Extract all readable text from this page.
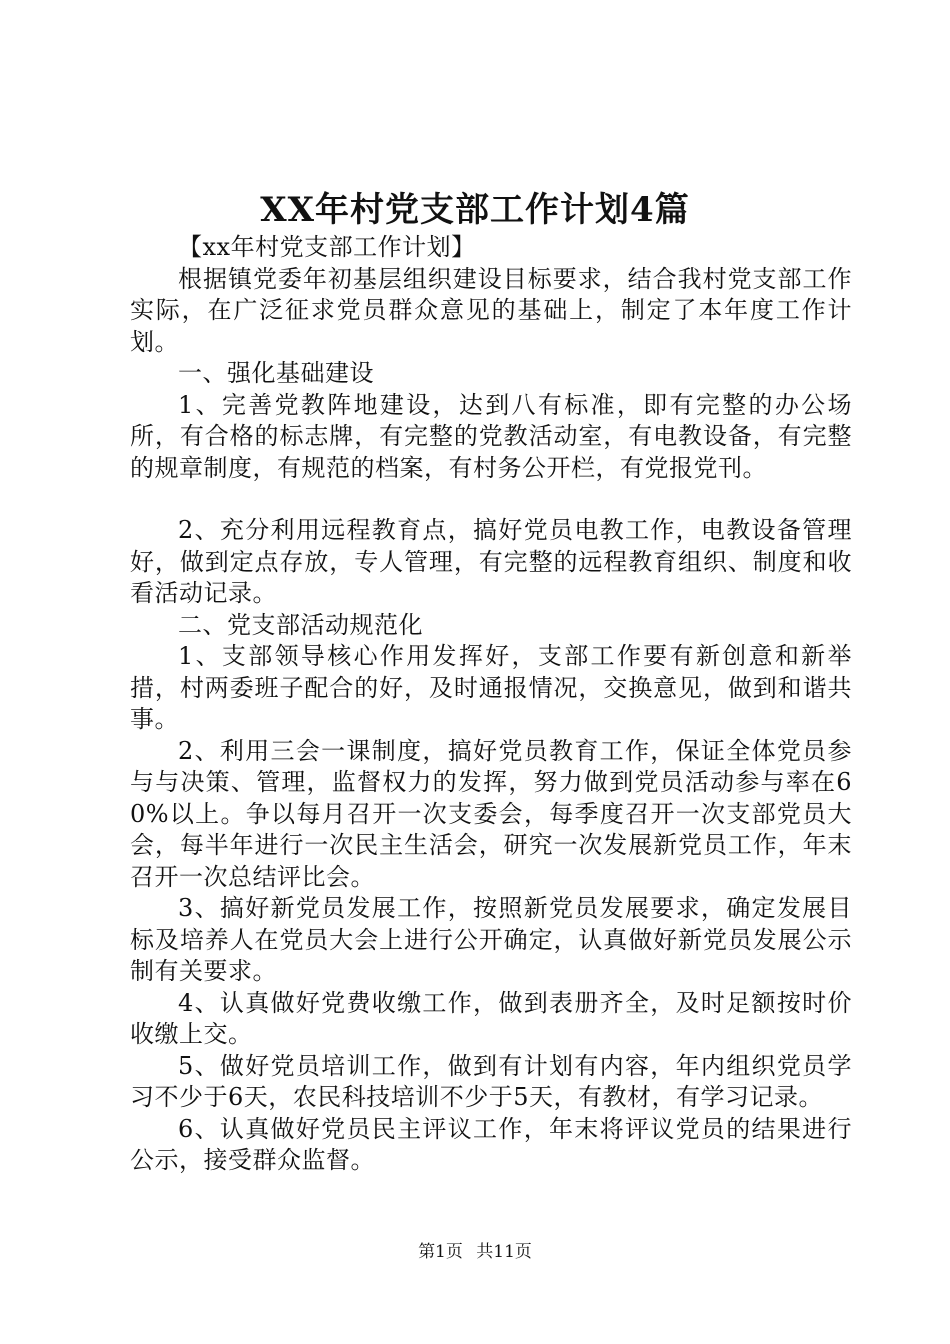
XX年村党支部工作计划4篇

【xx年村党支部工作计划】

根据镇党委年初基层组织建设目标要求，结合我村党支部工作实际，在广泛征求党员群众意见的基础上，制定了本年度工作计划。

一、强化基础建设

1、完善党教阵地建设，达到八有标准，即有完整的办公场所，有合格的标志牌，有完整的党教活动室，有电教设备，有完整的规章制度，有规范的档案，有村务公开栏，有党报党刊。

2、充分利用远程教育点，搞好党员电教工作，电教设备管理好，做到定点存放，专人管理，有完整的远程教育组织、制度和收看活动记录。

二、党支部活动规范化

1、支部领导核心作用发挥好，支部工作要有新创意和新举措，村两委班子配合的好，及时通报情况，交换意见，做到和谐共事。

2、利用三会一课制度，搞好党员教育工作，保证全体党员参与与决策、管理，监督权力的发挥，努力做到党员活动参与率在60%以上。争以每月召开一次支委会，每季度召开一次支部党员大会，每半年进行一次民主生活会，研究一次发展新党员工作，年末召开一次总结评比会。

3、搞好新党员发展工作，按照新党员发展要求，确定发展目标及培养人在党员大会上进行公开确定，认真做好新党员发展公示制有关要求。

4、认真做好党费收缴工作，做到表册齐全，及时足额按时价收缴上交。

5、做好党员培训工作，做到有计划有内容，年内组织党员学习不少于6天，农民科技培训不少于5天，有教材，有学习记录。

6、认真做好党员民主评议工作，年末将评议党员的结果进行公示，接受群众监督。

第1页 共11页
